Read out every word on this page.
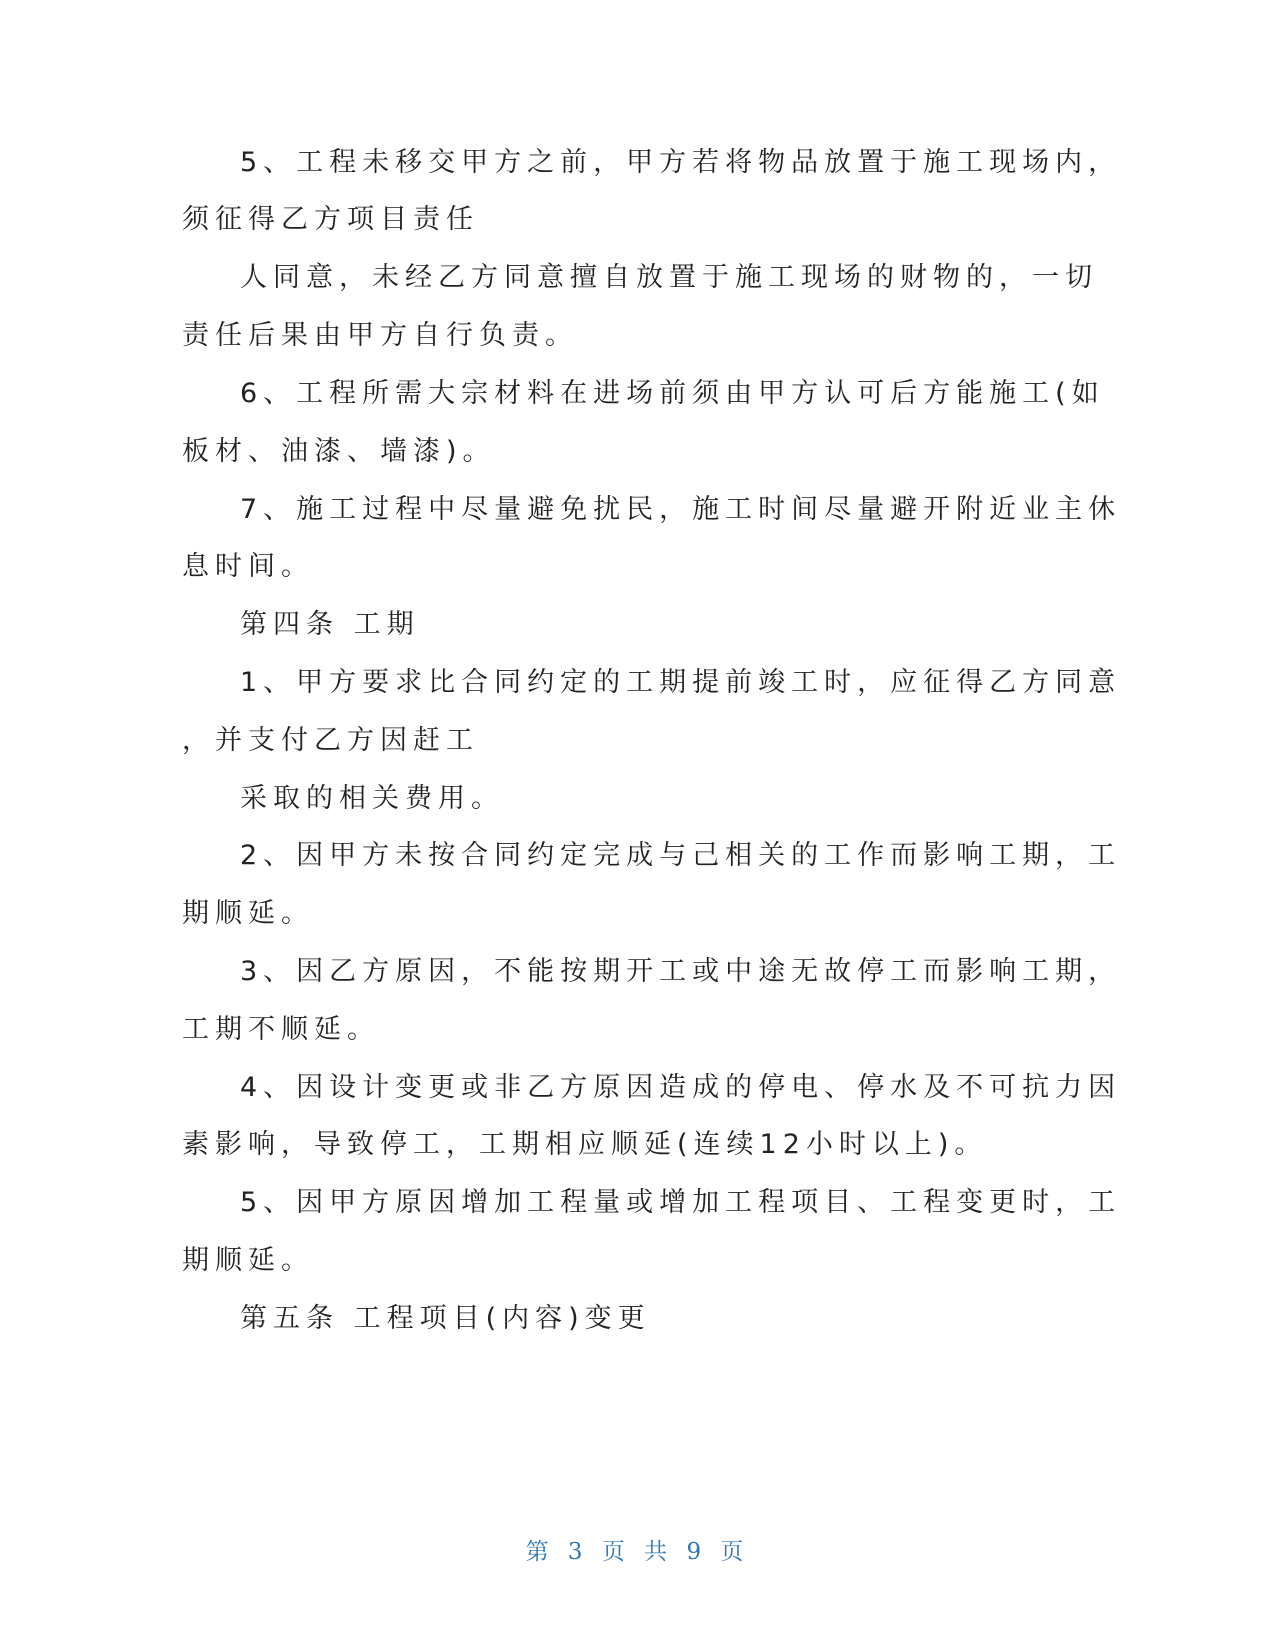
5、工程未移交甲方之前，甲方若将物品放置于施工现场内，
须征得乙方项目责任
人同意，未经乙方同意擅自放置于施工现场的财物的，一切
责任后果由甲方自行负责。
6、工程所需大宗材料在进场前须由甲方认可后方能施工(如
板材、油漆、墙漆)。
7、施工过程中尽量避免扰民，施工时间尽量避开附近业主休
息时间。
第四条 工期
1、甲方要求比合同约定的工期提前竣工时，应征得乙方同意
，并支付乙方因赶工
采取的相关费用。
2、因甲方未按合同约定完成与己相关的工作而影响工期，工
期顺延。
3、因乙方原因，不能按期开工或中途无故停工而影响工期，
工期不顺延。
4、因设计变更或非乙方原因造成的停电、停水及不可抗力因
素影响，导致停工，工期相应顺延(连续12小时以上)。
5、因甲方原因增加工程量或增加工程项目、工程变更时，工
期顺延。
第五条 工程项目(内容)变更
第 3 页 共 9 页
